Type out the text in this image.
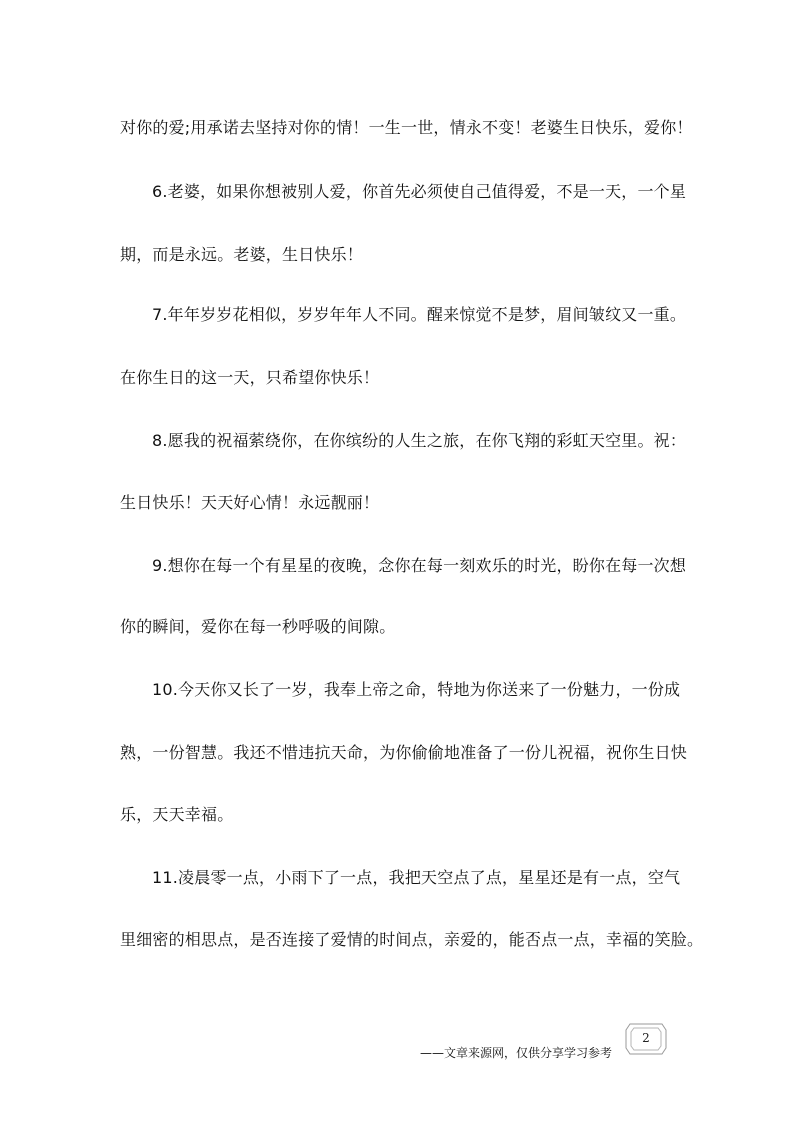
对你的爱;用承诺去坚持对你的情！一生一世，情永不变！老婆生日快乐，爱你！
6.老婆，如果你想被别人爱，你首先必须使自己值得爱，不是一天，一个星
期，而是永远。老婆，生日快乐！
7.年年岁岁花相似，岁岁年年人不同。醒来惊觉不是梦，眉间皱纹又一重。
在你生日的这一天，只希望你快乐！
8.愿我的祝福萦绕你，在你缤纷的人生之旅，在你飞翔的彩虹天空里。祝：
生日快乐！天天好心情！永远靓丽！
9.想你在每一个有星星的夜晚，念你在每一刻欢乐的时光，盼你在每一次想
你的瞬间，爱你在每一秒呼吸的间隙。
10.今天你又长了一岁，我奉上帝之命，特地为你送来了一份魅力，一份成
熟，一份智慧。我还不惜违抗天命，为你偷偷地准备了一份儿祝福，祝你生日快
乐，天天幸福。
11.凌晨零一点，小雨下了一点，我把天空点了点，星星还是有一点，空气
里细密的相思点，是否连接了爱情的时间点，亲爱的，能否点一点，幸福的笑脸。
——文章来源网，仅供分享学习参考
2
